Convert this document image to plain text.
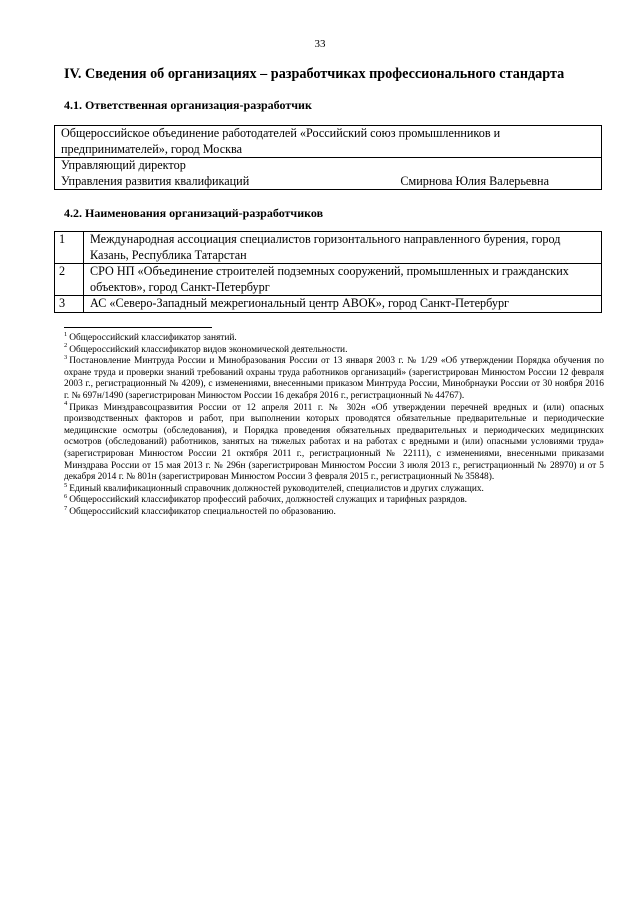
33
IV. Сведения об организациях – разработчиках профессионального стандарта
4.1. Ответственная организация-разработчик
Общероссийское объединение работодателей «Российский союз промышленников и
предпринимателей», город Москва

Управляющий директор
Управления развития квалификаций	Смирнова Юлия Валерьевна
4.2. Наименования организаций-разработчиков
1	Международная ассоциация специалистов горизонтального направленного бурения, город
Казань, Республика Татарстан

2	СРО НП «Объединение строителей подземных сооружений, промышленных и гражданских
объектов», город Санкт-Петербург

3	АС «Северо-Западный межрегиональный центр АВОК», город Санкт-Петербург

$^1$ Общероссийский классификатор занятий.

$^2$ Общероссийский классификатор видов экономической деятельности.

$^3$ Постановление Минтруда России и Минобразования России от 13 января 2003 г. № 1/29 «Об утверждении Порядка обучения по охране труда и проверки знаний требований охраны труда работников организаций» (зарегистрирован Минюстом России 12 февраля 2003 г., регистрационный № 4209), с изменениями, внесенными приказом Минтруда России, Минобрнауки России от 30 ноября 2016 г. № 697н/1490 (зарегистрирован Минюстом России 16 декабря 2016 г., регистрационный № 44767).

$^4$ Приказ Минздравсоцразвития России от 12 апреля 2011 г. № 302н «Об утверждении перечней вредных и (или) опасных производственных факторов и работ, при выполнении которых проводятся обязательные предварительные и периодические медицинские осмотры (обследования), и Порядка проведения обязательных предварительных и периодических медицинских осмотров (обследований) работников, занятых на тяжелых работах и на работах с вредными и (или) опасными условиями труда» (зарегистрирован Минюстом России 21 октября 2011 г., регистрационный № 22111), с изменениями, внесенными приказами Минздрава России от 15 мая 2013 г. № 296н (зарегистрирован Минюстом России 3 июля 2013 г., регистрационный № 28970) и от 5 декабря 2014 г. № 801н (зарегистрирован Минюстом России 3 февраля 2015 г., регистрационный № 35848).

$^5$ Единый квалификационный справочник должностей руководителей, специалистов и других служащих.

$^6$ Общероссийский классификатор профессий рабочих, должностей служащих и тарифных разрядов.

$^7$ Общероссийский классификатор специальностей по образованию.
